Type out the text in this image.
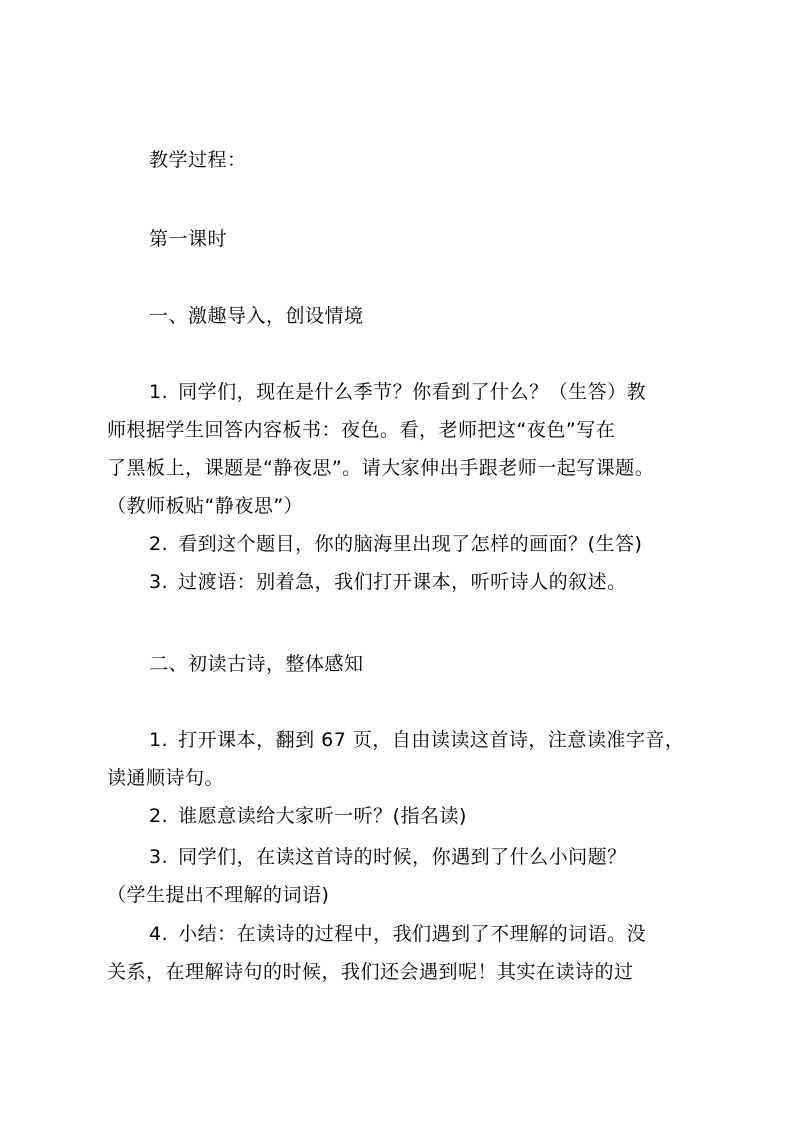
教学过程：
第一课时
一、激趣导入，创设情境
1. 同学们，现在是什么季节？你看到了什么？（生答）教
师根据学生回答内容板书：夜色。看，老师把这“夜色”写在
了黑板上，课题是“静夜思”。请大家伸出手跟老师一起写课题。
（教师板贴“静夜思”）
2. 看到这个题目，你的脑海里出现了怎样的画面？(生答)
3. 过渡语：别着急，我们打开课本，听听诗人的叙述。
二、初读古诗，整体感知
1. 打开课本，翻到 67 页，自由读读这首诗，注意读准字音，
读通顺诗句。
2. 谁愿意读给大家听一听？(指名读)
3. 同学们，在读这首诗的时候，你遇到了什么小问题？
（学生提出不理解的词语)
4. 小结：在读诗的过程中，我们遇到了不理解的词语。没
关系，在理解诗句的时候，我们还会遇到呢！其实在读诗的过
